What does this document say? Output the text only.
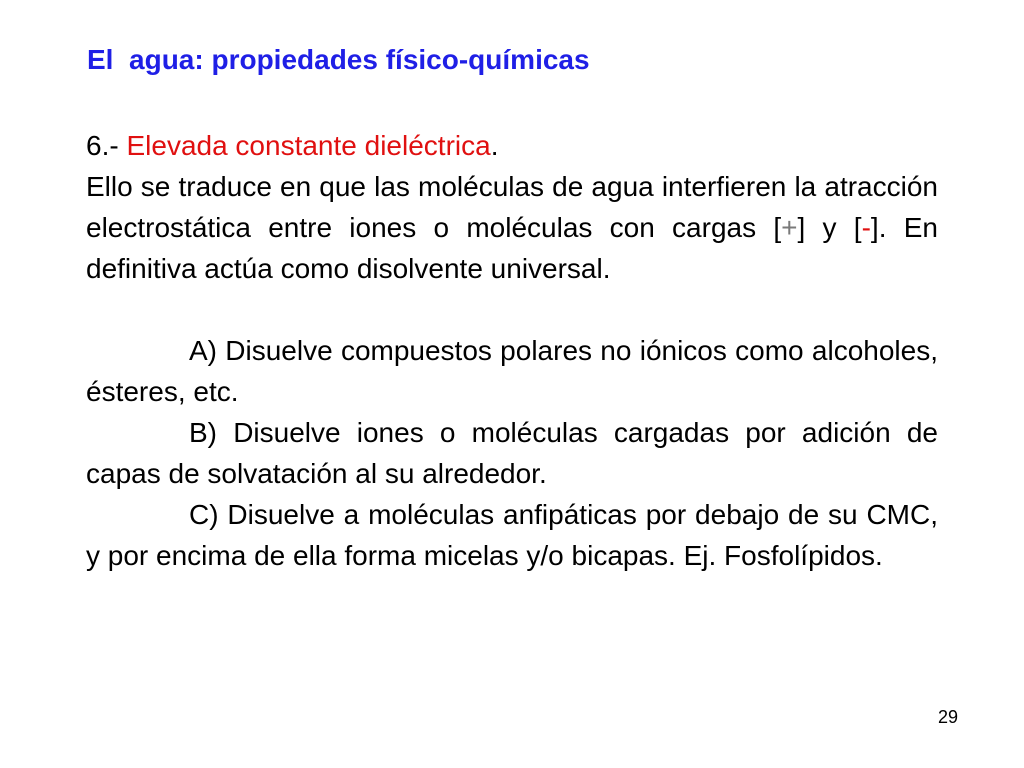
El  agua: propiedades físico-químicas

6.- Elevada constante dieléctrica.

Ello se traduce en que las moléculas de agua interfieren la atracción electrostática entre iones o moléculas con cargas [+] y [-]. En definitiva actúa como disolvente universal.

A) Disuelve compuestos polares no iónicos como alcoholes, ésteres, etc.

B) Disuelve iones o moléculas cargadas por adición de capas de solvatación al su alrededor.

C) Disuelve a moléculas anfipáticas por debajo de su CMC, y por encima de ella forma micelas y/o bicapas. Ej. Fosfolípidos.

29
